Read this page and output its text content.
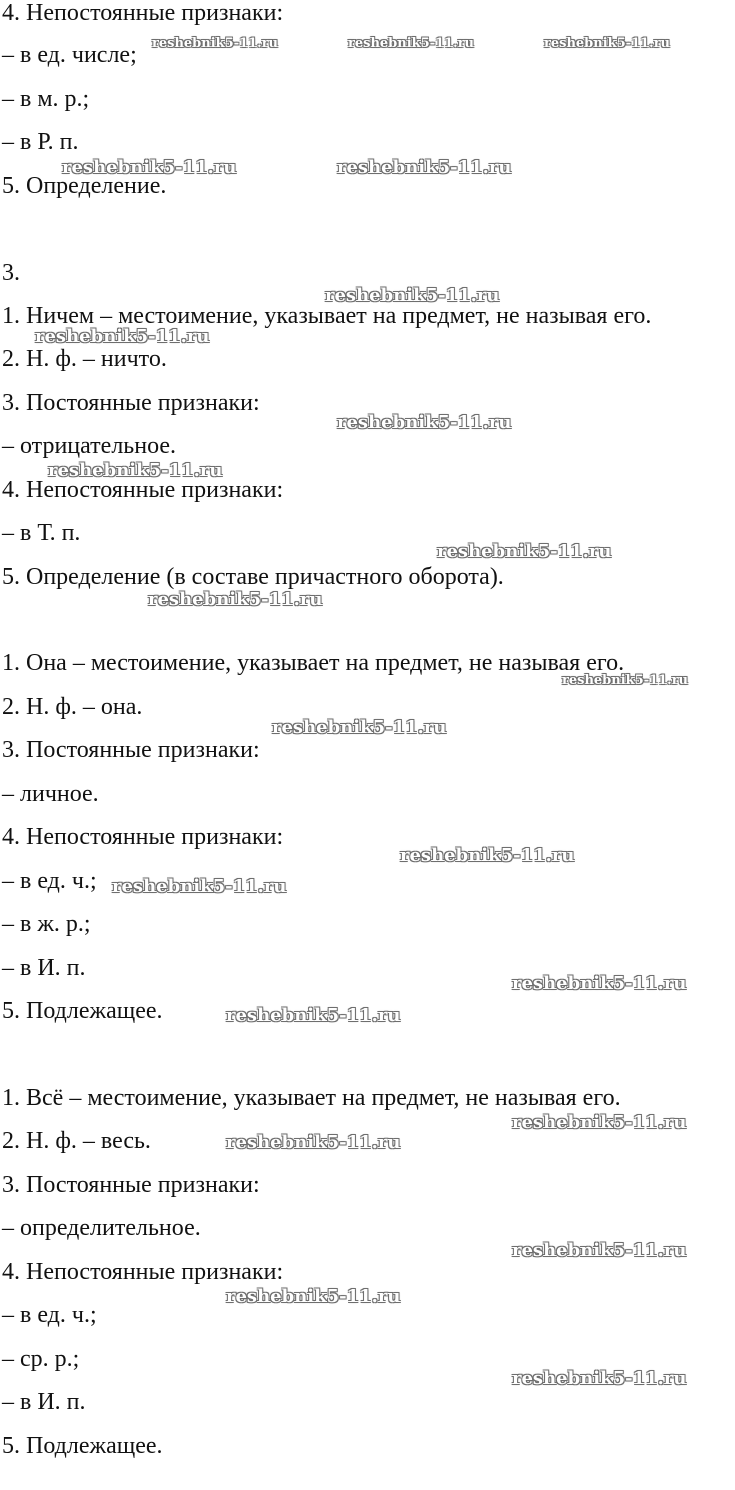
4. Непостоянные признаки:
– в ед. числе;
– в м. р.;
– в Р. п.
5. Определение.
3.
1. Ничем – местоимение, указывает на предмет, не называя его.
2. Н. ф. – ничто.
3. Постоянные признаки:
– отрицательное.
4. Непостоянные признаки:
– в Т. п.
5. Определение (в составе причастного оборота).
1. Она – местоимение, указывает на предмет, не называя его.
2. Н. ф. – она.
3. Постоянные признаки:
– личное.
4. Непостоянные признаки:
– в ед. ч.;
– в ж. р.;
– в И. п.
5. Подлежащее.
1. Всё – местоимение, указывает на предмет, не называя его.
2. Н. ф. – весь.
3. Постоянные признаки:
– определительное.
4. Непостоянные признаки:
– в ед. ч.;
– ср. р.;
– в И. п.
5. Подлежащее.
reshebnik5-11.ru	reshebnik5-11.ru	reshebnik5-11.ru
reshebnik5-11.ru	reshebnik5-11.ru
reshebnik5-11.ru
reshebnik5-11.ru
reshebnik5-11.ru
reshebnik5-11.ru
reshebnik5-11.ru
reshebnik5-11.ru
reshebnik5-11.ru
reshebnik5-11.ru
reshebnik5-11.ru
reshebnik5-11.ru
reshebnik5-11.ru
reshebnik5-11.ru
reshebnik5-11.ru
reshebnik5-11.ru
reshebnik5-11.ru
reshebnik5-11.ru
reshebnik5-11.ru
